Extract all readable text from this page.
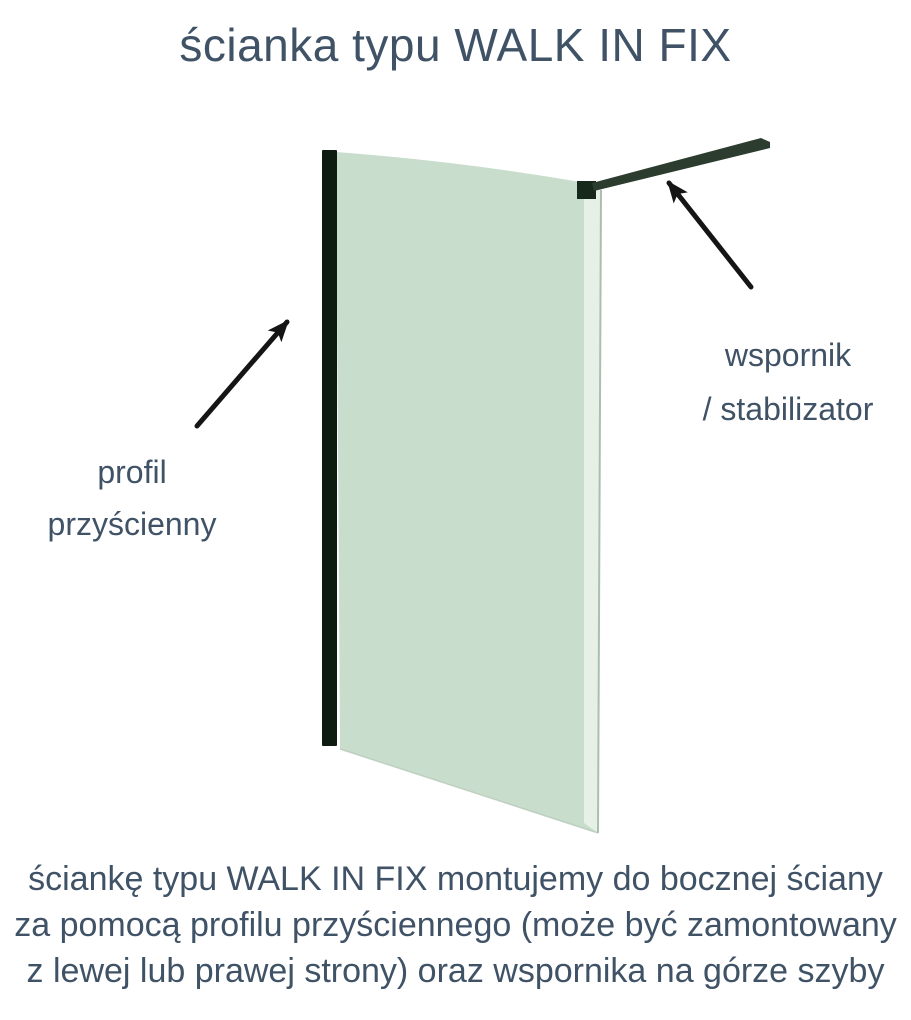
ścianka typu WALK IN FIX
profil
przyścienny
wspornik
/ stabilizator

ściankę typu WALK IN FIX montujemy do bocznej ściany
za pomocą profilu przyściennego (może być zamontowany
z lewej lub prawej strony) oraz wspornika na górze szyby
